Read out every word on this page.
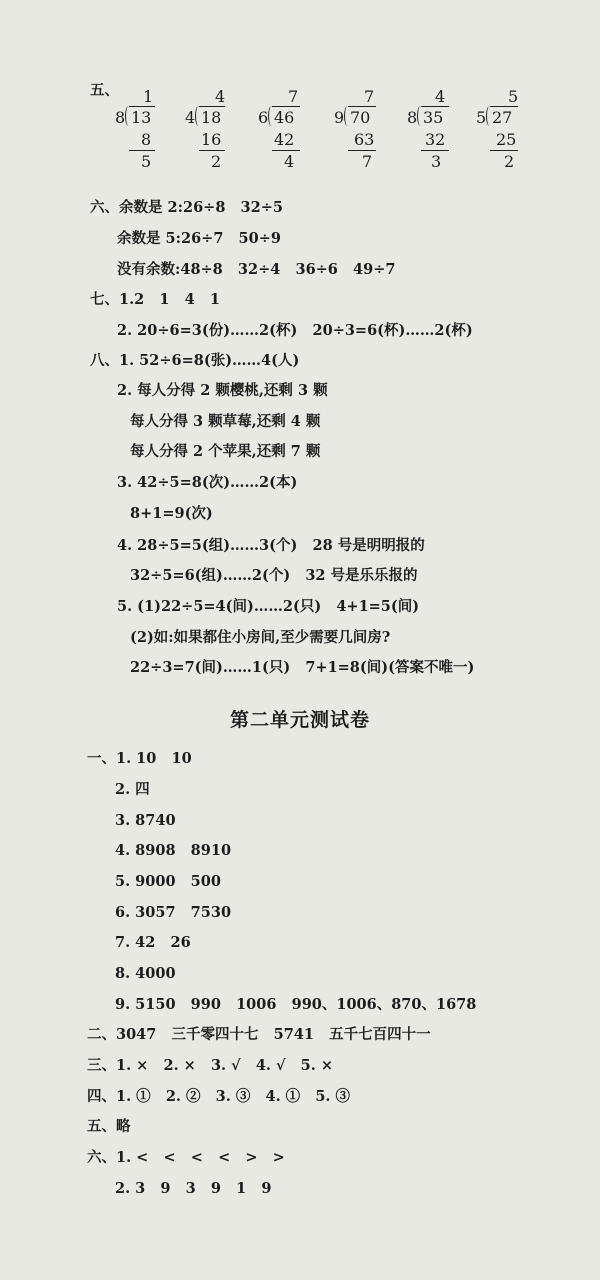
五、 1
8 13
8
5
4
4 18
16
2
7
6 46
42
4
7
9 70
63
7
4
8 35
32
3
5
5 27
25
2
六、余数是 2:26÷8   32÷5
余数是 5:26÷7   50÷9
没有余数:48÷8   32÷4   36÷6   49÷7
七、1.2   1   4   1
2. 20÷6=3(份)……2(杯)   20÷3=6(杯)……2(杯)
八、1. 52÷6=8(张)……4(人)
2. 每人分得 2 颗樱桃,还剩 3 颗
每人分得 3 颗草莓,还剩 4 颗
每人分得 2 个苹果,还剩 7 颗
3. 42÷5=8(次)……2(本)
8+1=9(次)
4. 28÷5=5(组)……3(个)   28 号是明明报的
32÷5=6(组)……2(个)   32 号是乐乐报的
5. (1)22÷5=4(间)……2(只)   4+1=5(间)
(2)如:如果都住小房间,至少需要几间房?
22÷3=7(间)……1(只)   7+1=8(间)(答案不唯一)
第二单元测试卷
一、1. 10   10
2. 四
3. 8740
4. 8908   8910
5. 9000   500
6. 3057   7530
7. 42   26
8. 4000
9. 5150   990   1006   990、1006、870、1678
二、3047   三千零四十七   5741   五千七百四十一
三、1. ×   2. ×   3. √   4. √   5. ×
四、1. ①   2. ②   3. ③   4. ①   5. ③
五、略
六、1. <   <   <   <   >   >
2. 3   9   3   9   1   9
